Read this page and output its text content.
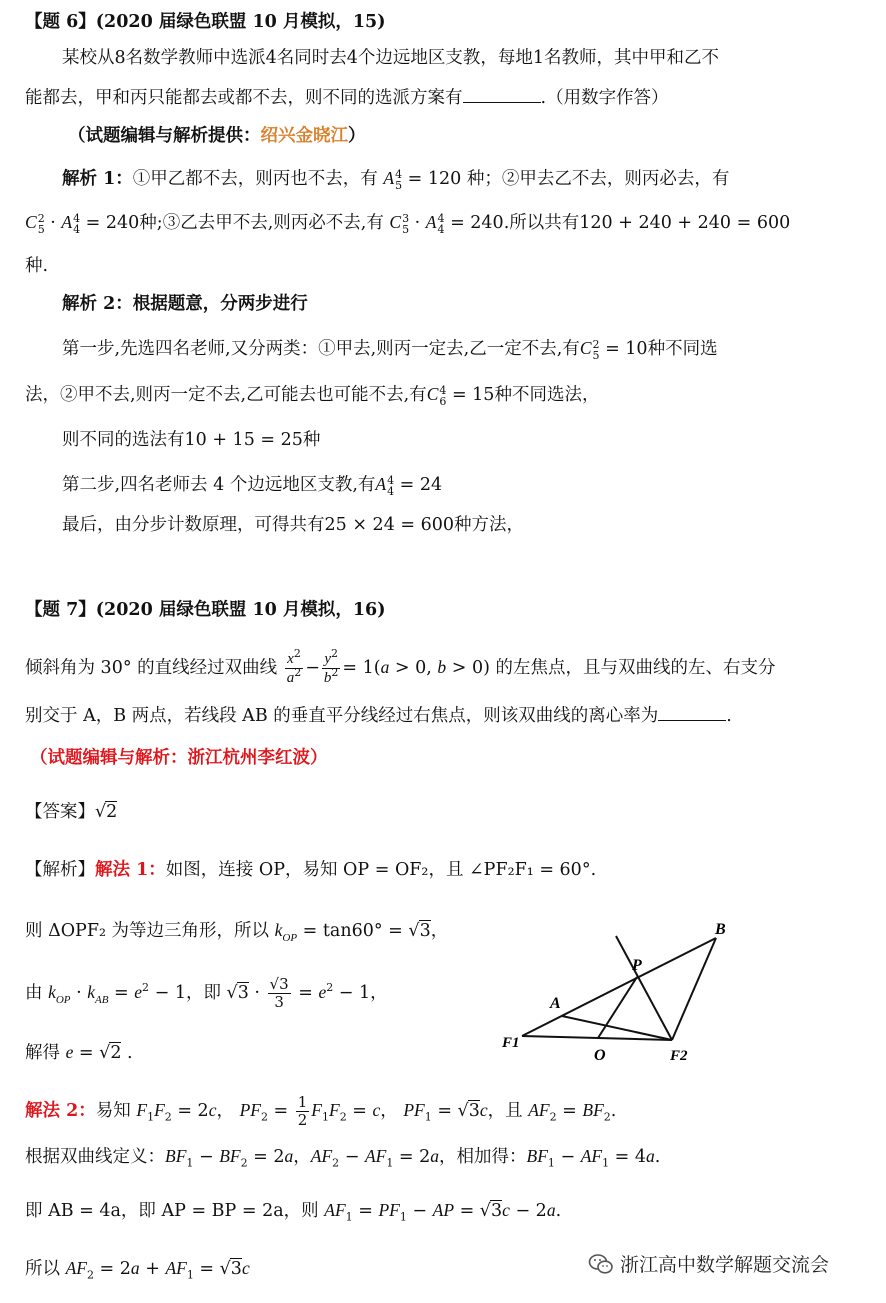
【题 6】(2020 届绿色联盟 10 月模拟，15)
某校从8名数学教师中选派4名同时去4个边远地区支教，每地1名教师，其中甲和乙不
能都去，甲和丙只能都去或都不去，则不同的选派方案有	.（用数字作答）
（试题编辑与解析提供：绍兴金晓江）
解析 1：①甲乙都不去，则丙也不去，有 A 4
5 = 120 种；②甲去乙不去，则丙必去，有
C 2
5 · A 4
4 = 240种;③乙去甲不去,则丙必不去,有 C 3
5 · A 4
4 = 240.所以共有120 + 240 + 240 = 600
种.
解析 2：根据题意，分两步进行
第一步,先选四名老师,又分两类：①甲去,则丙一定去,乙一定不去,有C 2
5 = 10种不同选
法，②甲不去,则丙一定不去,乙可能去也可能不去,有C 4
6 = 15种不同选法，
则不同的选法有10 + 15 = 25种
第二步,四名老师去 4 个边远地区支教,有A 4
4 = 24
最后，由分步计数原理，可得共有25 × 24 = 600种方法，
【题 7】(2020 届绿色联盟 10 月模拟，16)
倾斜角为 30° 的直线经过双曲线 $\frac{x^2}{a^2} - \frac{y^2}{b^2} = 1(a > 0$, b > 0) 的左焦点，且与双曲线的左、右支分
别交于 A，B 两点，若线段 AB 的垂直平分线经过右焦点，则该双曲线的离心率为	.
（试题编辑与解析：浙江杭州李红波）
【答案】√2
【解析】解法 1：如图，连接 OP，易知 OP = OF₂，且 ∠PF₂F₁ = 60°.
则 ΔOPF₂ 为等边三角形，所以 $k_{OP} = \tan 60^\circ = √3$，
由 $k_{OP} \cdot k_{AB} = e^2 - 1$，即 $√3 \cdot \frac{√3}{3} = e^2 - 1$，
解得 e = √2 .
B
P
A
F1
O	F2
解法 2：易知 $F_1F_2 = 2c$， $PF_2 = \frac{1}{2} F_1F_2 = c$， $PF_1 = √3c$，且 $AF_2 = BF_2$.
根据双曲线定义：$BF_1 - BF_2 = 2a$，$AF_2 - AF_1 = 2a$，相加得：$BF_1 - AF_1 = 4a$.
即 AB = 4a，即 AP = BP = 2a，则 $AF_1 = PF_1$ − AP = √3c − 2a.
所以 $AF_2 = 2a + AF_1 = √3c$	浙江高中数学解题交流会
